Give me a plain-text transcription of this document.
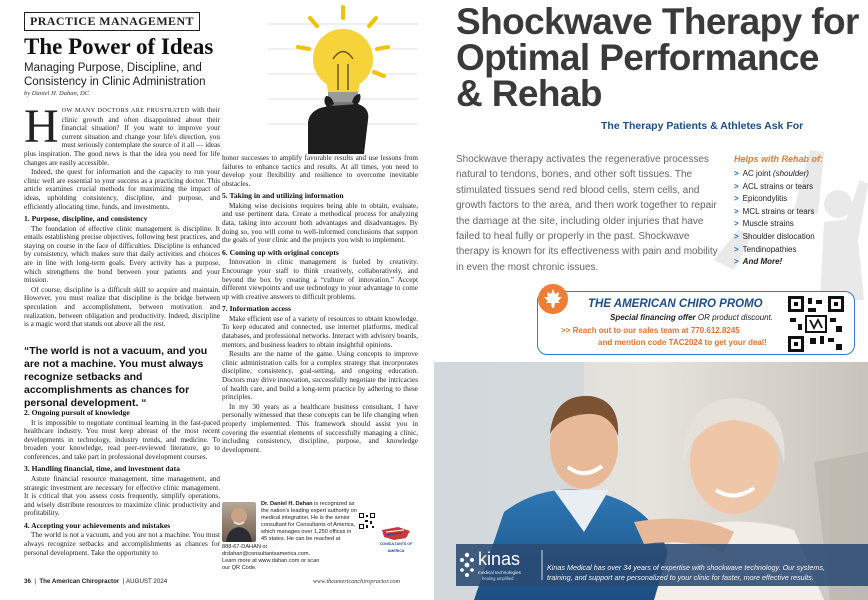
PRACTICE MANAGEMENT
The Power of Ideas
Managing Purpose, Discipline, and Consistency in Clinic Administration
by Daniel H. Dahan, DC

HOW MANY DOCTORS ARE FRUSTRATED with their clinic growth and often disappointed about their financial situation? If you want to improve your current situation and change your life's direction, you must seriously contemplate the source of it all — ideas plus inspiration. The good news is that the idea you need for life changes are easily accessible.

Indeed, the quest for information and the capacity to run your clinic well are essential to your success as a practicing doctor. This article examines crucial methods for maximizing the impact of ideas, upholding consistency, discipline, and purpose, and efficiently allocating time, funds, and investments.

1. Purpose, discipline, and consistency

The foundation of effective clinic management is discipline. It entails establishing precise objectives, following best practices, and staying on course in the face of difficulties. Discipline is enhanced by consistency, which makes sure that daily activities and choices are in line with long-term goals. Every activity has a purpose, which strengthens the bond between your patients and your mission.

Of course, discipline is a difficult skill to acquire and maintain. However, you must realize that discipline is the bridge between speculation and accomplishment, between motivation and realization, between obligation and productivity. Indeed, discipline is a magic word that stands out above all the rest.

“The world is not a vacuum, and you are not a machine. You must always recognize setbacks and accomplishments as chances for personal development. “
2. Ongoing pursuit of knowledge

It is impossible to negotiate continual learning in the fast-paced healthcare industry. You must keep abreast of the most recent developments in technology, industry trends, and medicine. To broaden your knowledge, read peer-reviewed literature, go to conferences, and take part in professional development courses.

3. Handling financial, time, and investment data

Astute financial resource management, time management, and strategic investment are necessary for effective clinic management. It is critical that you assess costs frequently, simplify operations, and wisely distribute resources to maximize clinic productivity and profitability.

4. Accepting your achievements and mistakes

The world is not a vacuum, and you are not a machine. You must always recognize setbacks and accomplishments as chances for personal development. Take the opportunity to

honor successes to amplify favorable results and use lessons from failures to enhance tactics and results. At all times, you need to develop your flexibility and resilience to overcome inevitable obstacles.

5. Taking in and utilizing information

Making wise decisions requires being able to obtain, evaluate, and use pertinent data. Create a methodical process for analyzing data, taking into account both advantages and disadvantages. By doing so, you will come to well-informed conclusions that support the goals of your clinic and the projects you wish to implement.

6. Coming up with original concepts

Innovation in clinic management is fueled by creativity. Encourage your staff to think creatively, collaboratively, and beyond the box by creating a “culture of innovation.” Accept different viewpoints and use technology to your advantage to come up with creative answers to difficult problems.

7. Information access

Make efficient use of a variety of resources to obtain knowledge. To keep educated and connected, use internet platforms, medical databases, and professional networks. Interact with advisory boards, mentors, and business leaders to obtain insightful opinions.

Results are the name of the game. Using concepts to improve clinic administration calls for a complex strategy that incorporates discipline, consistency, goal-setting, and ongoing education. Doctors may drive innovation, successfully negotiate the intricacies of health care, and build a long-term practice by adhering to these principles.

In my 30 years as a healthcare business consultant, I have personally witnessed that these concepts can be life changing when properly implemented. This framework should assist you in covering the essential elements of successfully managing a clinic, including consistency, discipline, purpose, and knowledge development.

Dr. Daniel H. Dahan is recognized as the nation's leading expert authority on medical integration. He is the senior consultant for Consultants of America, which manages over 1,250 offices in 45 states. He can be reached at
888-67-DAHAN or drdahan@consultantsamerica.com. Learn more at www.dahan.com or scan our QR Code.
CONSULTANTS OF AMERICA
36  |  The American Chiropractor  | AUGUST 2024	www.theamericanchiropractor.com
Shockwave Therapy for
Optimal Performance
& Rehab
The Therapy Patients & Athletes Ask For
Shockwave therapy activates the regenerative processes natural to tendons, bones, and other soft tissues. The stimulated tissues send red blood cells, stem cells, and growth factors to the area, and then work together to repair the damage at the site, including older injuries that have failed to heal fully or properly in the past. Shockwave therapy is known for its effectiveness with pain and mobility in even the most chronic issues.
Helps with Rehab of:
> AC joint (shoulder)
> ACL strains or tears
> Epicondylitis
> MCL strains or tears
> Muscle strains
> Shoulder dislocation
> Tendinopathies
> And More!
THE AMERICAN CHIRO PROMO
Special financing offer OR product discount.
>> Reach out to our sales team at 770.612.8245
and mention code TAC2024 to get your deal!
kinas
medical technologies
healing amplified
Kinas Medical has over 34 years of expertise with shockwave technology. Our systems, training, and support are personalized to your clinic for faster, more effective results.
